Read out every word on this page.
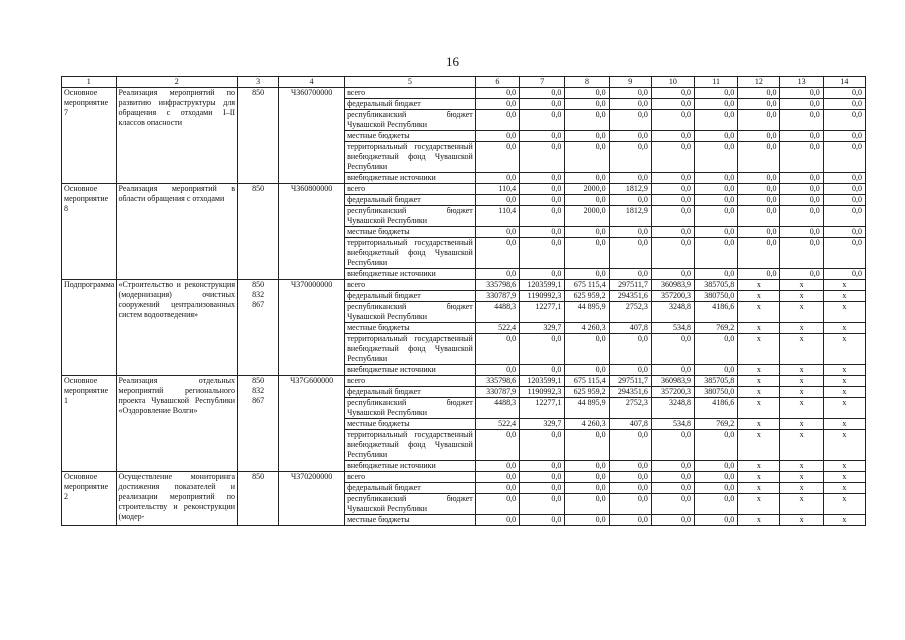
16
1	2	3	4	5	6	7	8	9	10	11	12	13	14
Основное мероприятие 7	Реализация мероприятий по развитию инфраструктуры для обращения с отходами I–II классов опасности	850	Ч360700000	всего	0,0	0,0	0,0	0,0	0,0	0,0	0,0	0,0	0,0
				федеральный бюджет	0,0	0,0	0,0	0,0	0,0	0,0	0,0	0,0	0,0
				республиканский бюджет Чувашской Республики	0,0	0,0	0,0	0,0	0,0	0,0	0,0	0,0	0,0
				местные бюджеты	0,0	0,0	0,0	0,0	0,0	0,0	0,0	0,0	0,0
				территориальный государственный внебюджетный фонд Чувашской Республики	0,0	0,0	0,0	0,0	0,0	0,0	0,0	0,0	0,0
				внебюджетные источники	0,0	0,0	0,0	0,0	0,0	0,0	0,0	0,0	0,0
Основное мероприятие 8	Реализация мероприятий в области обращения с отходами	850	Ч360800000	всего	110,4	0,0	2000,0	1812,9	0,0	0,0	0,0	0,0	0,0
				федеральный бюджет	0,0	0,0	0,0	0,0	0,0	0,0	0,0	0,0	0,0
				республиканский бюджет Чувашской Республики	110,4	0,0	2000,0	1812,9	0,0	0,0	0,0	0,0	0,0
				местные бюджеты	0,0	0,0	0,0	0,0	0,0	0,0	0,0	0,0	0,0
				территориальный государственный внебюджетный фонд Чувашской Республики	0,0	0,0	0,0	0,0	0,0	0,0	0,0	0,0	0,0
				внебюджетные источники	0,0	0,0	0,0	0,0	0,0	0,0	0,0	0,0	0,0
Подпрограмма	«Строительство и реконструкция (модернизация) очистных сооружений централизованных систем водоотведения»	850
832
867	Ч370000000	всего	335798,6	1203599,1	675 115,4	297511,7	360983,9	385705,8	x	x	x
				федеральный бюджет	330787,9	1190992,3	625 959,2	294351,6	357200,3	380750,0	x	x	x
				республиканский бюджет Чувашской Республики	4488,3	12277,1	44 895,9	2752,3	3248,8	4186,6	x	x	x
				местные бюджеты	522,4	329,7	4 260,3	407,8	534,8	769,2	x	x	x
				территориальный государственный внебюджетный фонд Чувашской Республики	0,0	0,0	0,0	0,0	0,0	0,0	x	x	x
				внебюджетные источники	0,0	0,0	0,0	0,0	0,0	0,0	x	x	x
Основное мероприятие 1	Реализация отдельных мероприятий регионального проекта Чувашской Республики «Оздоровление Волги»	850
832
867	Ч37G600000	всего	335798,6	1203599,1	675 115,4	297511,7	360983,9	385705,8	x	x	x
				федеральный бюджет	330787,9	1190992,3	625 959,2	294351,6	357200,3	380750,0	x	x	x
				республиканский бюджет Чувашской Республики	4488,3	12277,1	44 895,9	2752,3	3248,8	4186,6	x	x	x
				местные бюджеты	522,4	329,7	4 260,3	407,8	534,8	769,2	x	x	x
				территориальный государственный внебюджетный фонд Чувашской Республики	0,0	0,0	0,0	0,0	0,0	0,0	x	x	x
				внебюджетные источники	0,0	0,0	0,0	0,0	0,0	0,0	x	x	x
Основное мероприятие 2	Осуществление мониторинга достижения показателей и реализации мероприятий по строительству и реконструкции (модер-	850	Ч370200000	всего	0,0	0,0	0,0	0,0	0,0	0,0	x	x	x
				федеральный бюджет	0,0	0,0	0,0	0,0	0,0	0,0	x	x	x
				республиканский бюджет Чувашской Республики	0,0	0,0	0,0	0,0	0,0	0,0	x	x	x
				местные бюджеты	0,0	0,0	0,0	0,0	0,0	0,0	x	x	x
